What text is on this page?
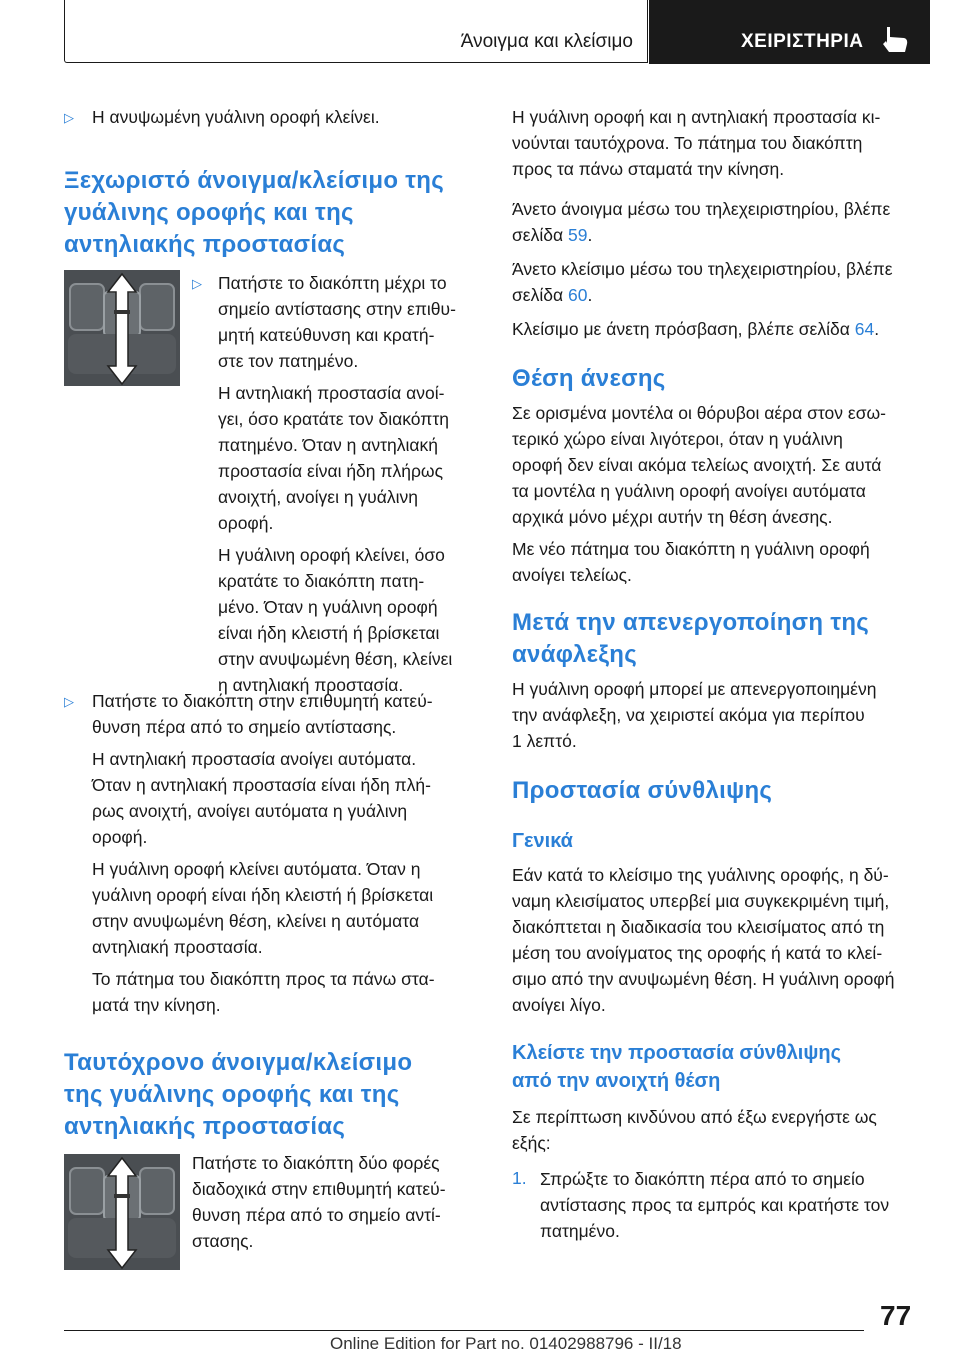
Άνοιγμα και κλείσιμο	ΧΕΙΡΙΣΤΗΡΙΑ
▷ Η ανυψωμένη γυάλινη οροφή κλείνει.

Ξεχωριστό άνοιγμα/κλείσιμο της

γυάλινης οροφής και της

αντηλιακής προστασίας

▷ Πατήστε το διακόπτη μέχρι το

σημείο αντίστασης στην επιθυ-

μητή κατεύθυνση και κρατή-

στε τον πατημένο.

Η αντηλιακή προστασία ανοί-

γει, όσο κρατάτε τον διακόπτη

πατημένο. Όταν η αντηλιακή

προστασία είναι ήδη πλήρως

ανοιχτή, ανοίγει η γυάλινη

οροφή.

Η γυάλινη οροφή κλείνει, όσο

κρατάτε το διακόπτη πατη-

μένο. Όταν η γυάλινη οροφή

είναι ήδη κλειστή ή βρίσκεται

στην ανυψωμένη θέση, κλείνει

η αντηλιακή προστασία.

▷ Πατήστε το διακόπτη στην επιθυμητή κατεύ-

θυνση πέρα από το σημείο αντίστασης.

Η αντηλιακή προστασία ανοίγει αυτόματα.

Όταν η αντηλιακή προστασία είναι ήδη πλή-

ρως ανοιχτή, ανοίγει αυτόματα η γυάλινη

οροφή.

Η γυάλινη οροφή κλείνει αυτόματα. Όταν η

γυάλινη οροφή είναι ήδη κλειστή ή βρίσκεται

στην ανυψωμένη θέση, κλείνει η αυτόματα

αντηλιακή προστασία.

Το πάτημα του διακόπτη προς τα πάνω στα-

ματά την κίνηση.

Ταυτόχρονο άνοιγμα/κλείσιμο

της γυάλινης οροφής και της

αντηλιακής προστασίας

Πατήστε το διακόπτη δύο φορές

διαδοχικά στην επιθυμητή κατεύ-

θυνση πέρα από το σημείο αντί-

στασης.

Η γυάλινη οροφή και η αντηλιακή προστασία κι-

νούνται ταυτόχρονα. Το πάτημα του διακόπτη

προς τα πάνω σταματά την κίνηση.

Άνετο άνοιγμα μέσω του τηλεχειριστηρίου, βλέπε

σελίδα 59.

Άνετο κλείσιμο μέσω του τηλεχειριστηρίου, βλέπε

σελίδα 60.

Κλείσιμο με άνετη πρόσβαση, βλέπε σελίδα 64.

Θέση άνεσης

Σε ορισμένα μοντέλα οι θόρυβοι αέρα στον εσω-

τερικό χώρο είναι λιγότεροι, όταν η γυάλινη

οροφή δεν είναι ακόμα τελείως ανοιχτή. Σε αυτά

τα μοντέλα η γυάλινη οροφή ανοίγει αυτόματα

αρχικά μόνο μέχρι αυτήν τη θέση άνεσης.

Με νέο πάτημα του διακόπτη η γυάλινη οροφή

ανοίγει τελείως.

Μετά την απενεργοποίηση της

ανάφλεξης

Η γυάλινη οροφή μπορεί με απενεργοποιημένη

την ανάφλεξη, να χειριστεί ακόμα για περίπου

1 λεπτό.

Προστασία σύνθλιψης

Γενικά

Εάν κατά το κλείσιμο της γυάλινης οροφής, η δύ-

ναμη κλεισίματος υπερβεί μια συγκεκριμένη τιμή,

διακόπτεται η διαδικασία του κλεισίματος από τη

μέση του ανοίγματος της οροφής ή κατά το κλεί-

σιμο από την ανυψωμένη θέση. Η γυάλινη οροφή

ανοίγει λίγο.

Κλείστε την προστασία σύνθλιψης

από την ανοιχτή θέση

Σε περίπτωση κινδύνου από έξω ενεργήστε ως

εξής:

1. Σπρώξτε το διακόπτη πέρα από το σημείο

αντίστασης προς τα εμπρός και κρατήστε τον

πατημένο.

77
Online Edition for Part no. 01402988796 - II/18
